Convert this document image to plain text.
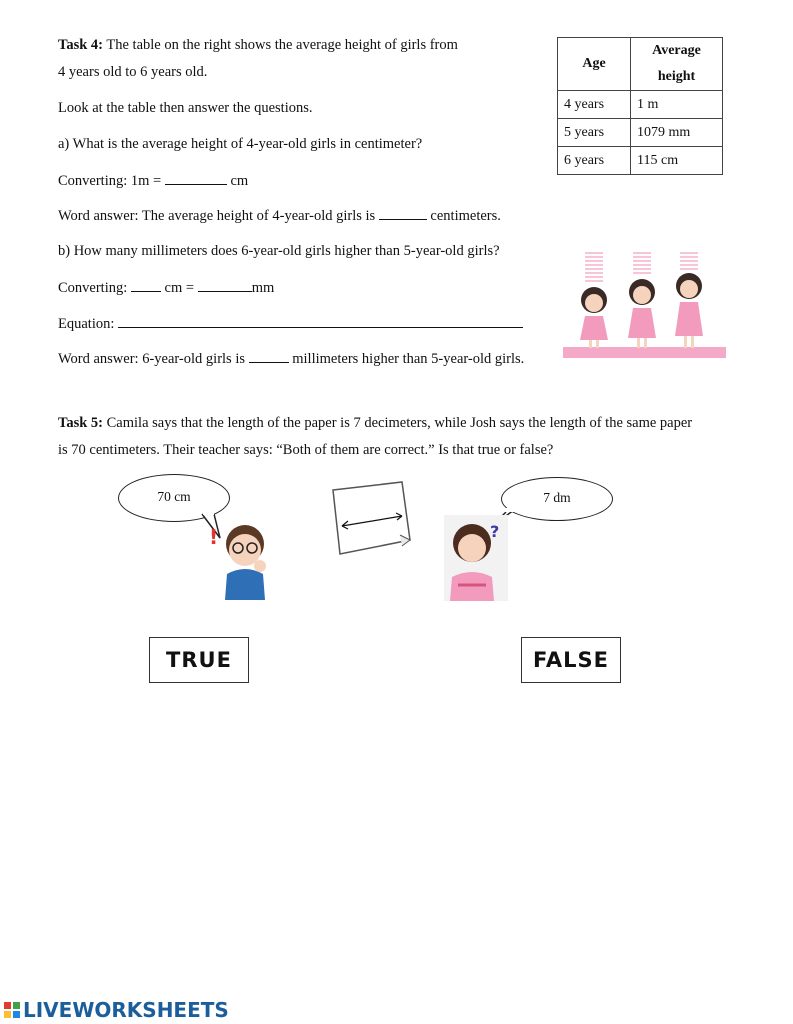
Task 4: The table on the right shows the average height of girls from
4 years old to 6 years old.
Look at the table then answer the questions.
a) What is the average height of 4-year-old girls in centimeter?
Converting: 1m =	cm
Word answer: The average height of 4-year-old girls is	centimeters.
b) How many millimeters does 6-year-old girls higher than 5-year-old girls?
Converting:  cm =	mm
Equation:
Word answer: 6-year-old girls is	millimeters higher than 5-year-old girls.
Age	Average height
4 years	1 m
5 years	1079 mm
6 years	115 cm
Task 5: Camila says that the length of the paper is 7 decimeters, while Josh says the length of the same paper
is 70 centimeters. Their teacher says: “Both of them are correct.” Is that true or false?
70 cm
!
7 dm
?
TRUE	FALSE
LIVEWORKSHEETS
